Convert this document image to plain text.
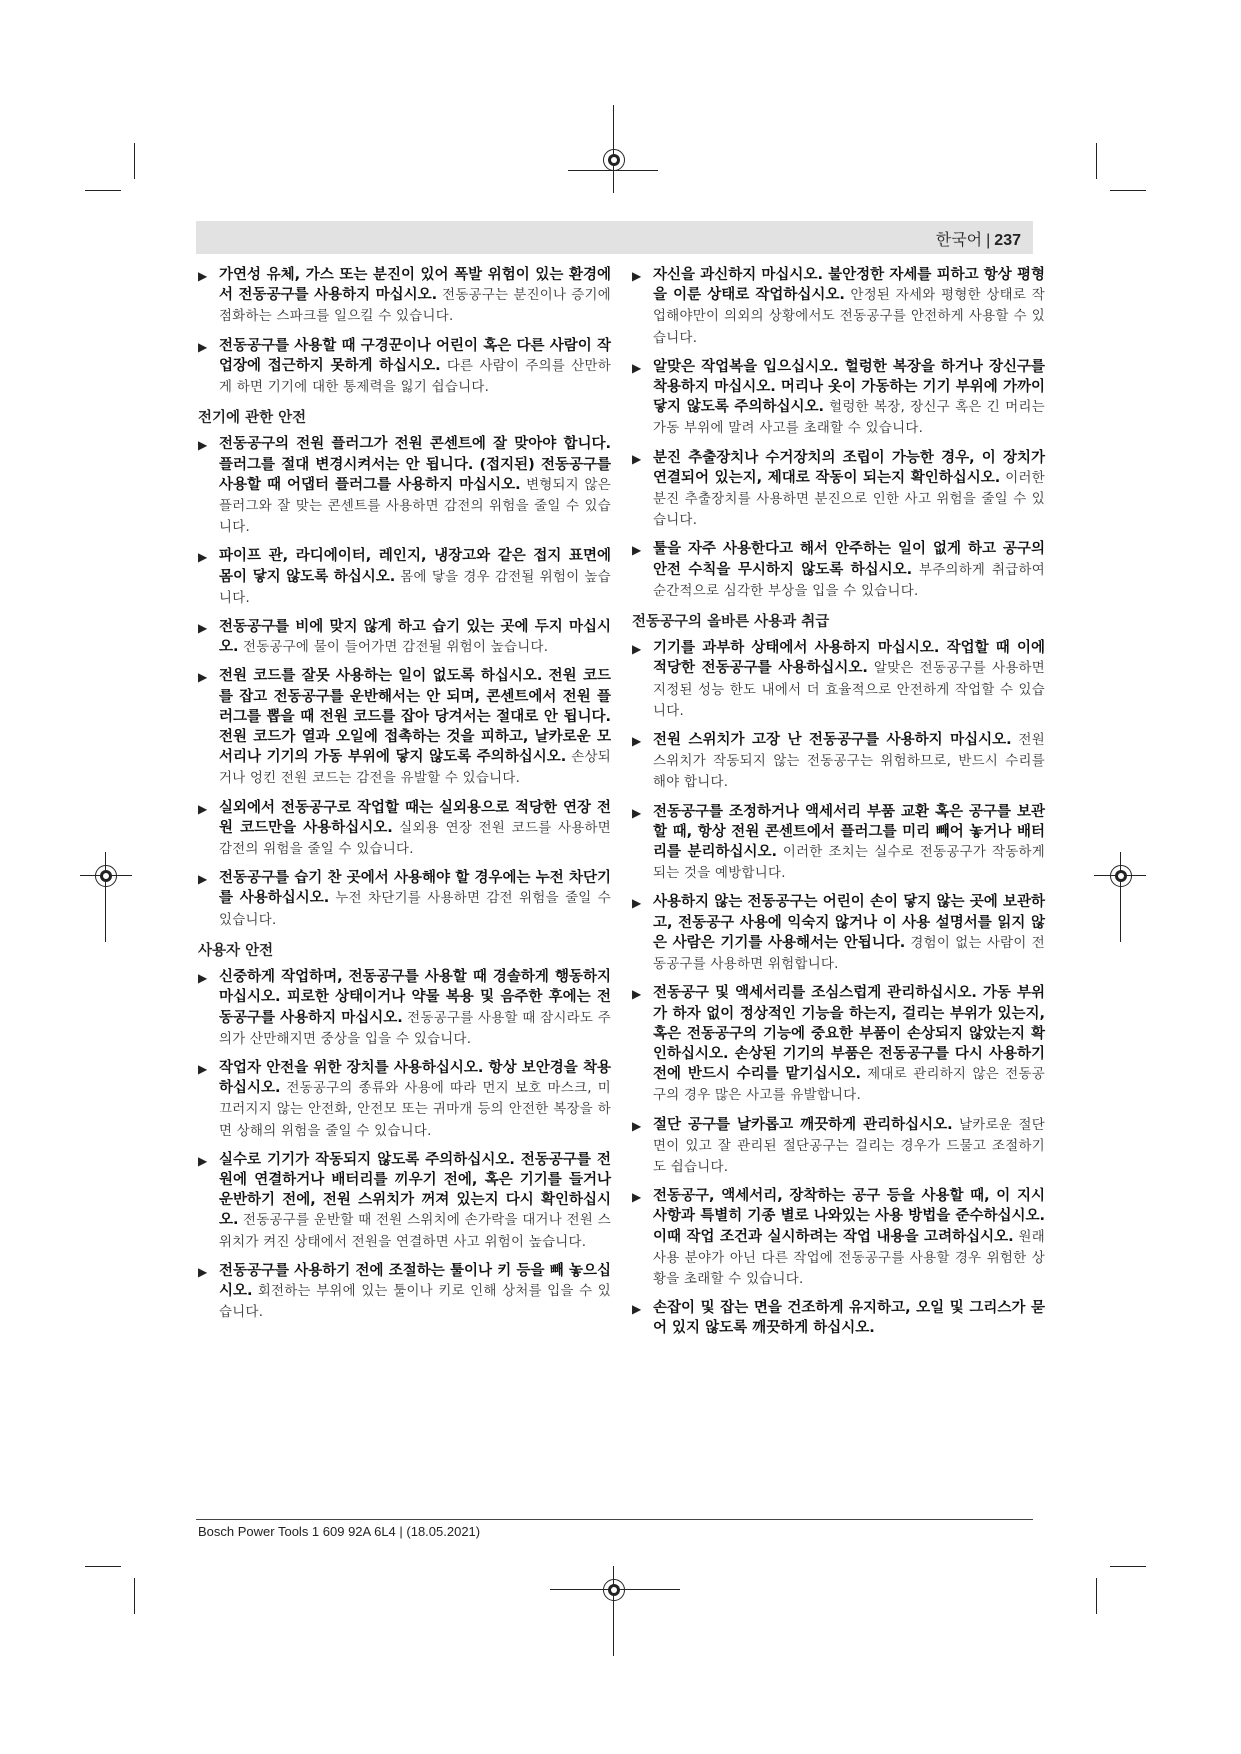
한국어 | 237
▶ 가연성 유체, 가스 또는 분진이 있어 폭발 위험이 있는 환경에서 전동공구를 사용하지 마십시오. 전동공구는 분진이나 증기에 점화하는 스파크를 일으킬 수 있습니다.
▶ 전동공구를 사용할 때 구경꾼이나 어린이 혹은 다른 사람이 작업장에 접근하지 못하게 하십시오. 다른 사람이 주의를 산만하게 하면 기기에 대한 통제력을 잃기 쉽습니다.
전기에 관한 안전
▶ 전동공구의 전원 플러그가 전원 콘센트에 잘 맞아야 합니다. 플러그를 절대 변경시켜서는 안 됩니다. (접지된) 전동공구를 사용할 때 어댑터 플러그를 사용하지 마십시오. 변형되지 않은 플러그와 잘 맞는 콘센트를 사용하면 감전의 위험을 줄일 수 있습니다.
▶ 파이프 관, 라디에이터, 레인지, 냉장고와 같은 접지 표면에 몸이 닿지 않도록 하십시오. 몸에 닿을 경우 감전될 위험이 높습니다.
▶ 전동공구를 비에 맞지 않게 하고 습기 있는 곳에 두지 마십시오. 전동공구에 물이 들어가면 감전될 위험이 높습니다.
▶ 전원 코드를 잘못 사용하는 일이 없도록 하십시오. 전원 코드를 잡고 전동공구를 운반해서는 안 되며, 콘센트에서 전원 플러그를 뽑을 때 전원 코드를 잡아 당겨서는 절대로 안 됩니다. 전원 코드가 열과 오일에 접촉하는 것을 피하고, 날카로운 모서리나 기기의 가동 부위에 닿지 않도록 주의하십시오. 손상되거나 엉킨 전원 코드는 감전을 유발할 수 있습니다.
▶ 실외에서 전동공구로 작업할 때는 실외용으로 적당한 연장 전원 코드만을 사용하십시오. 실외용 연장 전원 코드를 사용하면 감전의 위험을 줄일 수 있습니다.
▶ 전동공구를 습기 찬 곳에서 사용해야 할 경우에는 누전 차단기를 사용하십시오. 누전 차단기를 사용하면 감전 위험을 줄일 수 있습니다.
사용자 안전
▶ 신중하게 작업하며, 전동공구를 사용할 때 경솔하게 행동하지 마십시오. 피로한 상태이거나 약물 복용 및 음주한 후에는 전동공구를 사용하지 마십시오. 전동공구를 사용할 때 잠시라도 주의가 산만해지면 중상을 입을 수 있습니다.
▶ 작업자 안전을 위한 장치를 사용하십시오. 항상 보안경을 착용하십시오. 전동공구의 종류와 사용에 따라 먼지 보호 마스크, 미끄러지지 않는 안전화, 안전모 또는 귀마개 등의 안전한 복장을 하면 상해의 위험을 줄일 수 있습니다.
▶ 실수로 기기가 작동되지 않도록 주의하십시오. 전동공구를 전원에 연결하거나 배터리를 끼우기 전에, 혹은 기기를 들거나 운반하기 전에, 전원 스위치가 꺼져 있는지 다시 확인하십시오. 전동공구를 운반할 때 전원 스위치에 손가락을 대거나 전원 스위치가 켜진 상태에서 전원을 연결하면 사고 위험이 높습니다.
▶ 전동공구를 사용하기 전에 조절하는 툴이나 키 등을 빼 놓으십시오. 회전하는 부위에 있는 툴이나 키로 인해 상처를 입을 수 있습니다.
▶ 자신을 과신하지 마십시오. 불안정한 자세를 피하고 항상 평형을 이룬 상태로 작업하십시오. 안정된 자세와 평형한 상태로 작업해야만이 의외의 상황에서도 전동공구를 안전하게 사용할 수 있습니다.
▶ 알맞은 작업복을 입으십시오. 헐렁한 복장을 하거나 장신구를 착용하지 마십시오. 머리나 옷이 가동하는 기기 부위에 가까이 닿지 않도록 주의하십시오. 헐렁한 복장, 장신구 혹은 긴 머리는 가동 부위에 말려 사고를 초래할 수 있습니다.
▶ 분진 추출장치나 수거장치의 조립이 가능한 경우, 이 장치가 연결되어 있는지, 제대로 작동이 되는지 확인하십시오. 이러한 분진 추출장치를 사용하면 분진으로 인한 사고 위험을 줄일 수 있습니다.
▶ 툴을 자주 사용한다고 해서 안주하는 일이 없게 하고 공구의 안전 수칙을 무시하지 않도록 하십시오. 부주의하게 취급하여 순간적으로 심각한 부상을 입을 수 있습니다.
전동공구의 올바른 사용과 취급
▶ 기기를 과부하 상태에서 사용하지 마십시오. 작업할 때 이에 적당한 전동공구를 사용하십시오. 알맞은 전동공구를 사용하면 지정된 성능 한도 내에서 더 효율적으로 안전하게 작업할 수 있습니다.
▶ 전원 스위치가 고장 난 전동공구를 사용하지 마십시오. 전원 스위치가 작동되지 않는 전동공구는 위험하므로, 반드시 수리를 해야 합니다.
▶ 전동공구를 조정하거나 액세서리 부품 교환 혹은 공구를 보관할 때, 항상 전원 콘센트에서 플러그를 미리 빼어 놓거나 배터리를 분리하십시오. 이러한 조치는 실수로 전동공구가 작동하게 되는 것을 예방합니다.
▶ 사용하지 않는 전동공구는 어린이 손이 닿지 않는 곳에 보관하고, 전동공구 사용에 익숙지 않거나 이 사용 설명서를 읽지 않은 사람은 기기를 사용해서는 안됩니다. 경험이 없는 사람이 전동공구를 사용하면 위험합니다.
▶ 전동공구 및 액세서리를 조심스럽게 관리하십시오. 가동 부위가 하자 없이 정상적인 기능을 하는지, 걸리는 부위가 있는지, 혹은 전동공구의 기능에 중요한 부품이 손상되지 않았는지 확인하십시오. 손상된 기기의 부품은 전동공구를 다시 사용하기 전에 반드시 수리를 맡기십시오. 제대로 관리하지 않은 전동공구의 경우 많은 사고를 유발합니다.
▶ 절단 공구를 날카롭고 깨끗하게 관리하십시오. 날카로운 절단면이 있고 잘 관리된 절단공구는 걸리는 경우가 드물고 조절하기도 쉽습니다.
▶ 전동공구, 액세서리, 장착하는 공구 등을 사용할 때, 이 지시 사항과 특별히 기종 별로 나와있는 사용 방법을 준수하십시오. 이때 작업 조건과 실시하려는 작업 내용을 고려하십시오. 원래 사용 분야가 아닌 다른 작업에 전동공구를 사용할 경우 위험한 상황을 초래할 수 있습니다.
▶ 손잡이 및 잡는 면을 건조하게 유지하고, 오일 및 그리스가 묻어 있지 않도록 깨끗하게 하십시오.
Bosch Power Tools 1 609 92A 6L4 | (18.05.2021)
